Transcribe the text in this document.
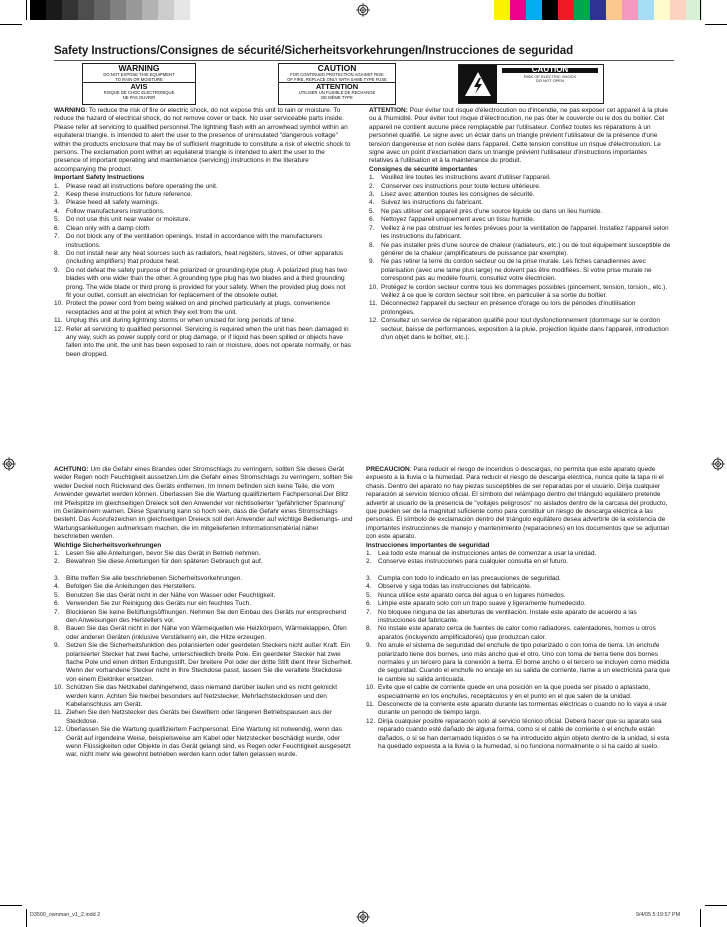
Safety Instructions/Consignes de sécurité/Sicherheitsvorkehrungen/Instrucciones de seguridad
WARNING
DO NOT EXPOSE THIS EQUIPMENT
TO RAIN OR MOISTURE
AVIS
RISQUE DE CHOC ELECTRONIQUE
NE PAS OUVRIR
CAUTION
FOR CONTINUED PROTECTION AGAINST RISK
OF FIRE, REPLACE ONLY WITH SAME TYPE FUSE
ATTENTION
UTILISER UN FUSIBLE DE RECHANGE
DE MÊME TYPE
CAUTION
RISK OF ELECTRIC SHOCK
DO NOT OPEN

WARNING: To reduce the risk of fire or electric shock, do not expose this unit to rain or moisture. To reduce the hazard of electrical shock, do not remove cover or back. No user serviceable parts inside. Please refer all servicing to qualified personnel.The lightning flash with an arrowhead symbol within an equilateral triangle, is intended to alert the user to the presence of uninsulated "dangerous voltage" within the products enclosure that may be of sufficient magnitude to constitute a risk of electric shock to persons. The exclamation point within an equilateral triangle is intended to alert the user to the presence of important operating and maintenance (servicing) instructions in the literature accompanying the product.

Important Safety Instructions

1.	Please read all instructions before operating the unit.
2.	Keep these instructions for future reference.
3.	Please heed all safety warnings.
4.	Follow manufacturers instructions.
5.	Do not use this unit near water or moisture.
6.	Clean only with a damp cloth.
7.	Do not block any of the ventilation openings. Install in accordance with the manufacturers instructions.
8.	Do not install near any heat sources such as radiators, heat registers, stoves, or other apparatus (including amplifiers) that produce heat.
9.	Do not defeat the safety purpose of the polarized or grounding-type plug. A polarized plug has two blades with one wider than the other. A grounding type plug has two blades and a third grounding prong. The wide blade or third prong is provided for your safety. When the provided plug does not fit your outlet, consult an electrician for replacement of the obsolete outlet.
10. Protect the power cord from being walked on and pinched particularly at plugs, convenience receptacles and at the point at which they exit from the unit.
11. Unplug this unit during lightning storms or when unused for long periods of time.
12. Refer all servicing to qualified personnel. Servicing is required when the unit has been damaged in any way, such as power supply cord or plug damage, or if liquid has been spilled or objects have fallen into the unit, the unit has been exposed to rain or moisture, does not operate normally, or has been dropped.

ATTENTION: Pour éviter tout risque d'électrocution ou d'incendie, ne pas exposer cet appareil à la pluie ou à l'humidité. Pour éviter tout risque d'électrocution, ne pas ôter le couvercle ou le dos du boitier. Cet appareil ne contient aucune pièce remplaçable par l'utilisateur. Confiez toutes les réparations à un personnel qualifié. Le signe avec un éclair dans un triangle prévient l'utilisateur de la présence d'une tension dangereuse et non isolée dans l'appareil. Cette tension constitue un risque d'électrocution. Le signe avec un point d'exclamation dans un triangle prévient l'utilisateur d'instructions importantes relatives à l'utilisation et à la maintenance du produit.

Consignes de sécurité importantes

1.	Veuillez lire toutes les instructions avant d'utiliser l'appareil.
2.	Conserver ces instructions pour toute lecture ultérieure.
3.	Lisez avec attention toutes les consignes de sécurité.
4.	Suivez les instructions du fabricant.
5.	Ne pas utiliser cet appareil près d'une source liquide ou dans un lieu humide.
6.	Nettoyez l'appareil uniquement avec un tissu humide.
7.	Veillez à ne pas obstruer les fentes prévues pour la ventilation de l'appareil. Installez l'appareil selon les instructions du fabricant.
8.	Ne pas installer près d'une source de chaleur (radiateurs, etc.) ou de tout équipement susceptible de générer de la chaleur (amplificateurs de puissance par exemple).
9.	Ne pas retirer la terre du cordon secteur ou de la prise murale. Les fiches canadiennes avec polarisation (avec une lame plus large) ne doivent pas être modifiées. Si votre prise murale ne correspond pas au modèle fourni, consultez votre électricien.
10. Protégez le cordon secteur contre tous les dommages possibles (pincement, tension, torsion,, etc.). Veillez à ce que le cordon secteur soit libre, en particulier à sa sortie du boîtier.
11. Déconnectez l'appareil du secteur en présence d'orage ou lors de périodes d'inutilisation prolongées.
12. Consultez un service de réparation qualifié pour tout dysfonctionnement (dommage sur le cordon secteur, baisse de performances, exposition à la pluie, projection liquide dans l'appareil, introduction d'un objet dans le boîtier, etc.).

ACHTUNG: Um die Gefahr eines Brandes oder Stromschlags zu verringern, sollten Sie dieses Gerät weder Regen noch Feuchtigkeit aussetzen.Um die Gefahr eines Stromschlags zu verringern, sollten Sie weder Deckel noch Rückwand des Geräts entfernen. Im Innern befinden sich keine Teile, die vom Anwender gewartet werden können. Überlassen Sie die Wartung qualifiziertem Fachpersonal.Der Blitz mit Pfeilspitze im gleichseitigen Dreieck soll den Anwender vor nichtisolierter "gefährlicher Spannung" im Geräteinnern warnen. Diese Spannung kann so hoch sein, dass die Gefahr eines Stromschlags besteht. Das Ausrufezeichen im gleichseitigen Dreieck soll den Anwender auf wichtige Bedienungs- und Wartungsanleitungen aufmerksam machen, die im mitgelieferten Informationsmaterial näher beschrieben werden.

Wichtige Sicherheitsvorkehrungen

1.	Lesen Sie alle Anleitungen, bevor Sie das Gerät in Betrieb nehmen.
2.	Bewahren Sie diese Anleitungen für den späteren Gebrauch gut auf.
3.	Bitte treffen Sie alle beschriebenen Sicherheitsvorkehrungen.
4.	Befolgen Sie die Anleitungen des Herstellers.
5.	Benutzen Sie das Gerät nicht in der Nähe von Wasser oder Feuchtigkeit.
6.	Verwenden Sie zur Reinigung des Geräts nur ein feuchtes Tuch.
7.	Blockieren Sie keine Belüftungsöffnungen. Nehmen Sie den Einbau des Geräts nur entsprechend den Anweisungen des Herstellers vor.
8.	Bauen Sie das Gerät nicht in der Nähe von Wärmequellen wie Heizkörpern, Wärmeklappen, Öfen oder anderen Geräten (inklusive Verstärkern) ein, die Hitze erzeugen.
9.	Setzen Sie die Sicherheitsfunktion des polarisierten oder geerdeten Steckers nicht außer Kraft. Ein polarisierter Stecker hat zwei flache, unterschiedlich breite Pole. Ein geerdeter Stecker hat zwei flache Pole und einen dritten Erdungsstift. Der breitere Pol oder der dritte Stift dient Ihrer Sicherheit. Wenn der vorhandene Stecker nicht in Ihre Steckdose passt, lassen Sie die veraltete Steckdose von einem Elektriker ersetzen.
10. Schützen Sie das Netzkabel dahingehend, dass niemand darüber laufen und es nicht geknickt werden kann. Achten Sie hierbei besonders auf Netzstecker, Mehrfachsteckdosen und den Kabelanschluss am Gerät.
11. Ziehen Sie den Netzstecker des Geräts bei Gewittern oder längeren Betriebspausen aus der Steckdose.
12. Überlassen Sie die Wartung qualifiziertem Fachpersonal. Eine Wartung ist notwendig, wenn das Gerät auf irgendeine Weise, beispielsweise am Kabel oder Netzstecker beschädigt wurde, oder wenn Flüssigkeiten oder Objekte in das Gerät gelangt sind, es Regen oder Feuchtigkeit ausgesetzt war, nicht mehr wie gewohnt betrieben werden kann oder fallen gelassen wurde.

PRECAUCION: Para reducir el riesgo de incendios o descargas, no permita que este aparato quede expuesto a la lluvia o la humedad. Para reducir el riesgo de descarga eléctrica, nunca quite la tapa ni el chasis. Dentro del aparato no hay piezas susceptibles de ser reparadas por el usuario. Dirija cualquier reparación al servicio técnico oficial. El símbolo del relámpago dentro del triángulo equilátero pretende advertir al usuario de la presencia de "voltajes peligrosos" no aislados dentro de la carcasa del producto, que pueden ser de la magnitud suficiente como para constituir un riesgo de descarga eléctrica a las personas. El símbolo de exclamación dentro del triángulo equilátero desea advertirle de la existencia de importantes instrucciones de manejo y mantenimiento (reparaciones) en los documentos que se adjuntan con este aparato.

Instrucciones importantes de seguridad

1.	Lea todo este manual de instrucciones antes de comenzar a usar la unidad.
2.	Conserve estas instrucciones para cualquier consulta en el futuro.
3.	Cumpla con todo lo indicado en las precauciones de seguridad.
4.	Observe y siga todas las instrucciones del fabricante.
5.	Nunca utilice este aparato cerca del agua o en lugares húmedos.
6.	Limpie este aparato solo con un trapo suave y ligeramente humedecido.
7.	No bloquee ninguna de las aberturas de ventilación. Instale este aparato de acuerdo a las instrucciones del fabricante.
8.	No instale este aparato cerca de fuentes de calor como radiadores, calentadores, hornos u otros aparatos (incluyendo amplificadores) que produzcan calor.
9.	No anule el sistema de seguridad del enchufe de tipo polarizado o con toma de tierra. Un enchufe polarizado tiene dos bornes, uno más ancho que el otro. Uno con toma de tierra tiene dos bornes normales y un tercero para la conexión a tierra. El borne ancho o el tercero se incluyen como medida de seguridad. Cuando el enchufe no encaje en su salida de corriente, llame a un electricista para que le cambie su salida anticuada.
10. Evite que el cable de corriente quede en una posición en la que pueda ser pisado o aplastado, especialmente en los enchufes, receptáculos y en el punto en el que salen de la unidad.
11. Desconecte de la corriente este aparato durante las tormentas eléctricas o cuando no lo vaya a usar durante un periodo de tiempo largo.
12. Dirija cualquier posible reparación solo al servicio técnico oficial. Deberá hacer que su aparato sea reparado cuando esté dañado de alguna forma, como si el cable de corriente o el enchufe están dañados, o si se han derramado líquidos o se ha introducido algún objeto dentro de la unidad, si esta ha quedado expuesta a la lluvia o la humedad, si no funciona normalmente o si ha caído al suelo.
D3500_ownman_v1_2.indd 2	9/4/05 5:19:57 PM
